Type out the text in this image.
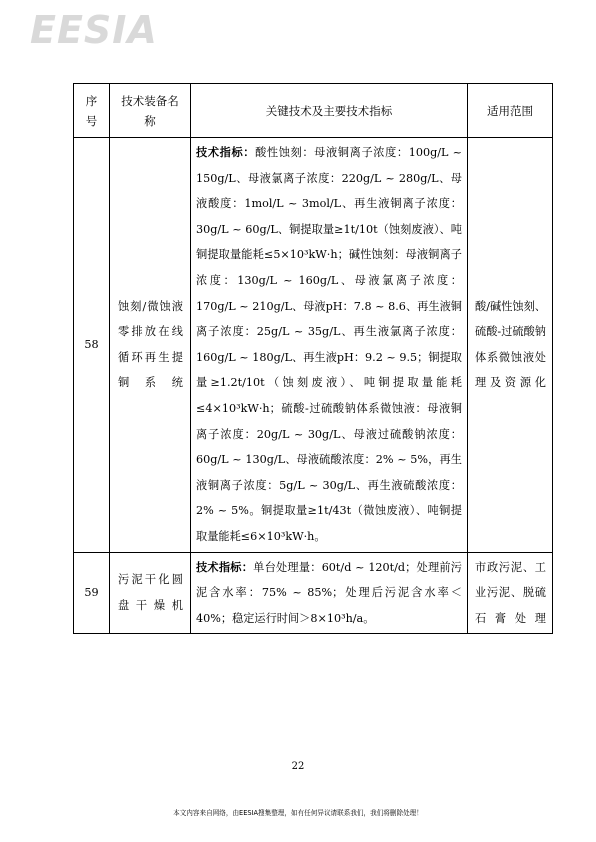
EESIA
序号	技术装备名称	关键技术及主要技术指标	适用范围
58	蚀刻/微蚀液零排放在线循环再生提铜系统	技术指标：酸性蚀刻：母液铜离子浓度：100g/L ~ 150g/L、母液氯离子浓度：220g/L ~ 280g/L、母液酸度：1mol/L ~ 3mol/L、再生液铜离子浓度：30g/L ~ 60g/L、铜提取量≥1t/10t（蚀刻废液）、吨铜提取量能耗≤5×10³kW·h；碱性蚀刻：母液铜离子浓度：130g/L ~ 160g/L、母液氯离子浓度：170g/L ~ 210g/L、母液pH：7.8 ~ 8.6、再生液铜离子浓度：25g/L ~ 35g/L、再生液氯离子浓度：160g/L ~ 180g/L、再生液pH：9.2 ~ 9.5；铜提取量≥1.2t/10t（蚀刻废液）、吨铜提取量能耗≤4×10³kW·h；硫酸-过硫酸钠体系微蚀液：母液铜离子浓度：20g/L ~ 30g/L、母液过硫酸钠浓度：60g/L ~ 130g/L、母液硫酸浓度：2% ~ 5%，再生液铜离子浓度：5g/L ~ 30g/L、再生液硫酸浓度：2% ~ 5%。铜提取量≥1t/43t（微蚀废液）、吨铜提取量能耗≤6×10³kW·h。	酸/碱性蚀刻、硫酸-过硫酸钠体系微蚀液处理及资源化
59	污泥干化圆盘干燥机	技术指标：单台处理量：60t/d ~ 120t/d；处理前污泥含水率：75% ~ 85%；处理后污泥含水率＜40%；稳定运行时间＞8×10³h/a。	市政污泥、工业污泥、脱硫石膏处理
22
本文内容来自网络，由EESIA搜集整理，如有任何异议请联系我们，我们将删除处理！
